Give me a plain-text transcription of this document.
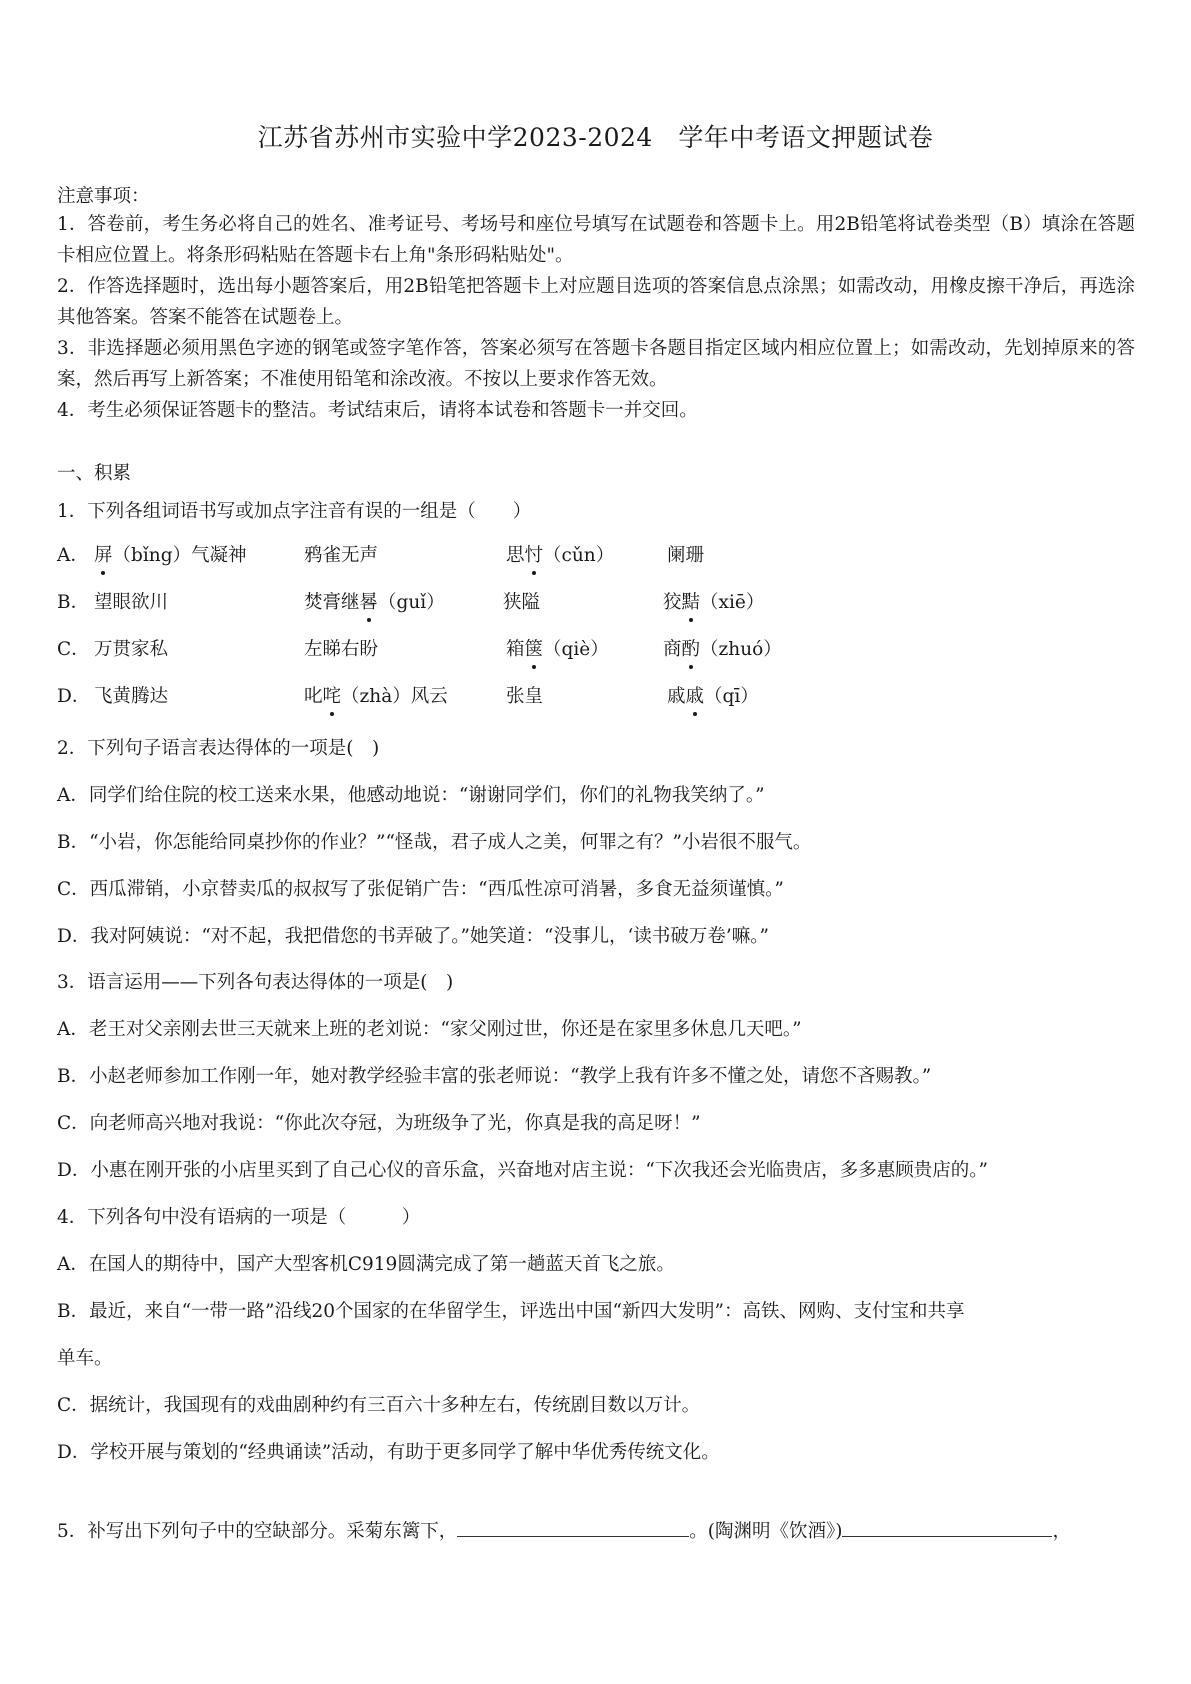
江苏省苏州市实验中学2023-2024　学年中考语文押题试卷
注意事项：
1．答卷前，考生务必将自己的姓名、准考证号、考场号和座位号填写在试题卷和答题卡上。用2B铅笔将试卷类型（B）填涂在答题卡相应位置上。将条形码粘贴在答题卡右上角"条形码粘贴处"。
2．作答选择题时，选出每小题答案后，用2B铅笔把答题卡上对应题目选项的答案信息点涂黑；如需改动，用橡皮擦干净后，再选涂其他答案。答案不能答在试题卷上。
3．非选择题必须用黑色字迹的钢笔或签字笔作答，答案必须写在答题卡各题目指定区域内相应位置上；如需改动，先划掉原来的答案，然后再写上新答案；不准使用铅笔和涂改液。不按以上要求作答无效。
4．考生必须保证答题卡的整洁。考试结束后，请将本试卷和答题卡一并交回。
一、积累
1．下列各组词语书写或加点字注音有误的一组是（　　）
A． 屏（bǐng）气凝神	鸦雀无声	思忖（cǔn）	阑珊
B． 望眼欲川	焚膏继晷（guǐ）	狭隘	狡黠（xiē）
C． 万贯家私	左睇右盼	箱箧（qiè）	商酌（zhuó）
D． 飞黄腾达	叱咤（zhà）风云	张皇	戚戚（qī）
2．下列句子语言表达得体的一项是(　)
A．同学们给住院的校工送来水果，他感动地说：“谢谢同学们，你们的礼物我笑纳了。”
B．“小岩，你怎能给同桌抄你的作业？”“怪哉，君子成人之美，何罪之有？”小岩很不服气。
C．西瓜滞销，小京替卖瓜的叔叔写了张促销广告：“西瓜性凉可消暑，多食无益须谨慎。”
D．我对阿姨说：“对不起，我把借您的书弄破了。”她笑道：“没事儿，‘读书破万卷’嘛。”
3．语言运用——下列各句表达得体的一项是(　)
A．老王对父亲刚去世三天就来上班的老刘说：“家父刚过世，你还是在家里多休息几天吧。”
B．小赵老师参加工作刚一年，她对教学经验丰富的张老师说：“教学上我有许多不懂之处，请您不吝赐教。”
C．向老师高兴地对我说：“你此次夺冠，为班级争了光，你真是我的高足呀！”
D．小惠在刚开张的小店里买到了自己心仪的音乐盒，兴奋地对店主说：“下次我还会光临贵店，多多惠顾贵店的。”
4．下列各句中没有语病的一项是（　　　）
A．在国人的期待中，国产大型客机C919圆满完成了第一趟蓝天首飞之旅。
B．最近，来自“一带一路”沿线20个国家的在华留学生，评选出中国“新四大发明”：高铁、网购、支付宝和共享
单车。
C．据统计，我国现有的戏曲剧种约有三百六十多种左右，传统剧目数以万计。
D．学校开展与策划的“经典诵读”活动，有助于更多同学了解中华优秀传统文化。
5．补写出下列句子中的空缺部分。采菊东篱下，	。(陶渊明《饮酒》)	，
